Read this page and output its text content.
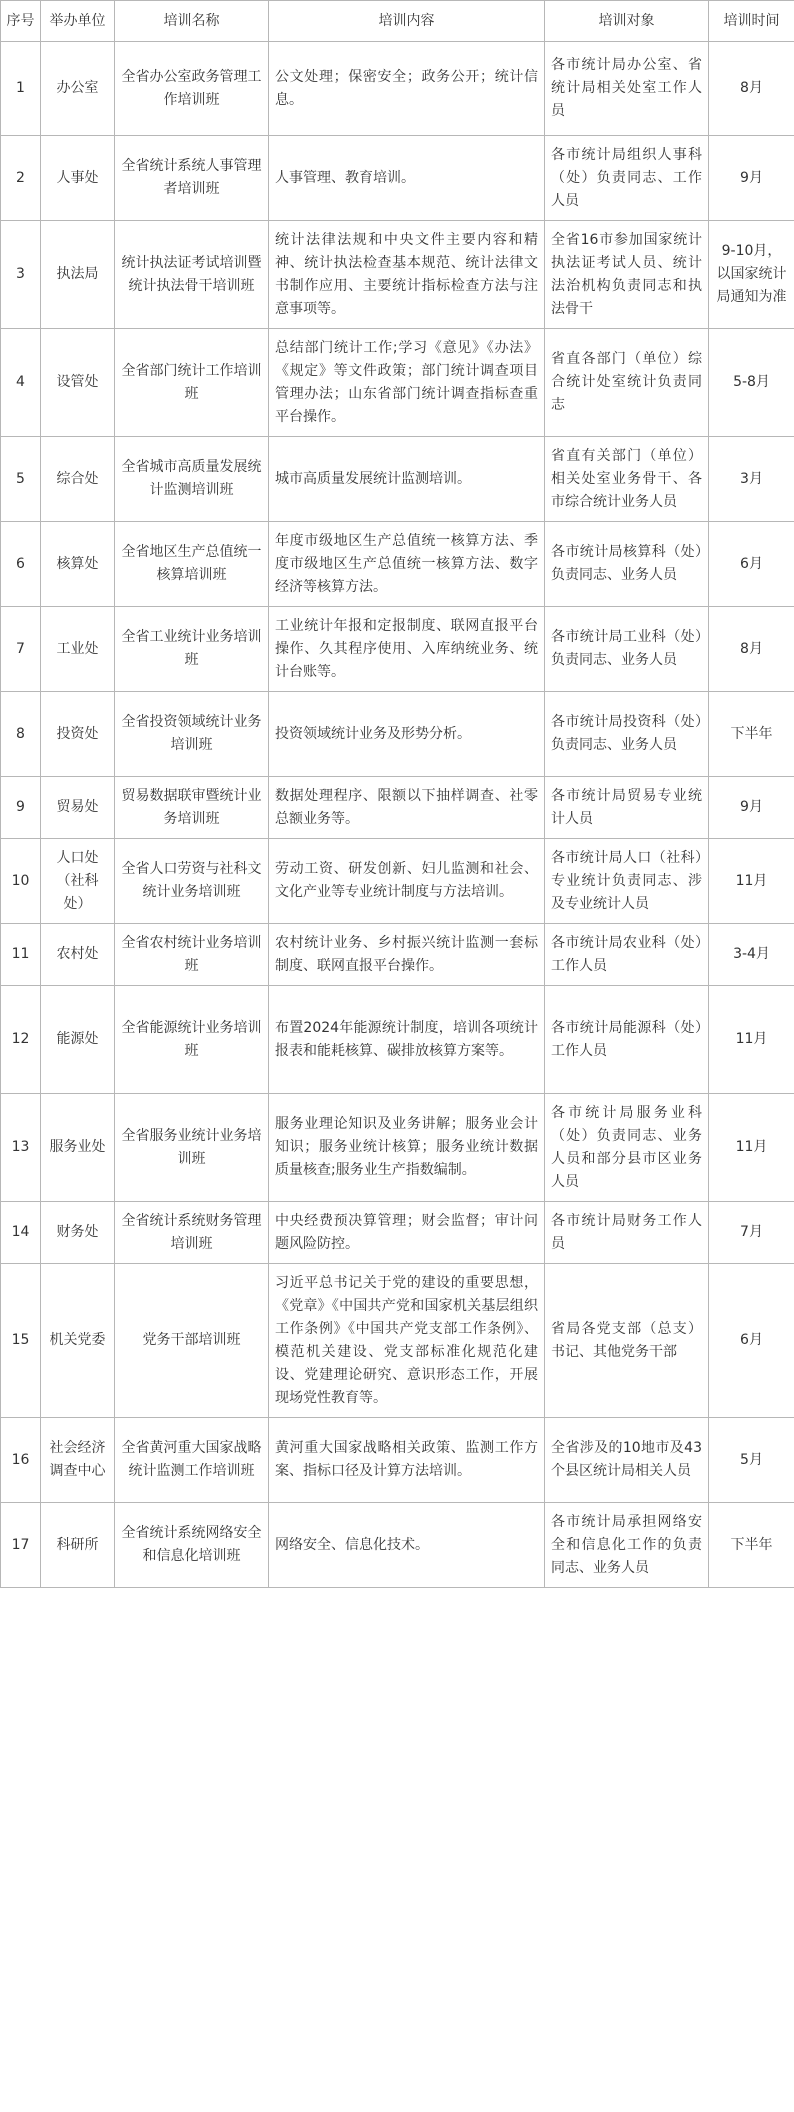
序号	举办单位	培训名称	培训内容	培训对象	培训时间
1	办公室	全省办公室政务管理工作培训班	公文处理；保密安全；政务公开；统计信息。	各市统计局办公室、省统计局相关处室工作人员	8月
2	人事处	全省统计系统人事管理者培训班	人事管理、教育培训。	各市统计局组织人事科（处）负责同志、工作人员	9月
3	执法局	统计执法证考试培训暨统计执法骨干培训班	统计法律法规和中央文件主要内容和精神、统计执法检查基本规范、统计法律文书制作应用、主要统计指标检查方法与注意事项等。	全省16市参加国家统计执法证考试人员、统计法治机构负责同志和执法骨干	9-10月，以国家统计局通知为准
4	设管处	全省部门统计工作培训班	总结部门统计工作;学习《意见》《办法》《规定》等文件政策；部门统计调查项目管理办法；山东省部门统计调查指标查重平台操作。	省直各部门（单位）综合统计处室统计负责同志	5-8月
5	综合处	全省城市高质量发展统计监测培训班	城市高质量发展统计监测培训。	省直有关部门（单位）相关处室业务骨干、各市综合统计业务人员	3月
6	核算处	全省地区生产总值统一核算培训班	年度市级地区生产总值统一核算方法、季度市级地区生产总值统一核算方法、数字经济等核算方法。	各市统计局核算科（处）负责同志、业务人员	6月
7	工业处	全省工业统计业务培训班	工业统计年报和定报制度、联网直报平台操作、久其程序使用、入库纳统业务、统计台账等。	各市统计局工业科（处）负责同志、业务人员	8月
8	投资处	全省投资领域统计业务培训班	投资领域统计业务及形势分析。	各市统计局投资科（处）负责同志、业务人员	下半年
9	贸易处	贸易数据联审暨统计业务培训班	数据处理程序、限额以下抽样调查、社零总额业务等。	各市统计局贸易专业统计人员	9月
10	人口处（社科处）	全省人口劳资与社科文统计业务培训班	劳动工资、研发创新、妇儿监测和社会、文化产业等专业统计制度与方法培训。	各市统计局人口（社科）专业统计负责同志、涉及专业统计人员	11月
11	农村处	全省农村统计业务培训班	农村统计业务、乡村振兴统计监测一套标制度、联网直报平台操作。	各市统计局农业科（处）工作人员	3-4月
12	能源处	全省能源统计业务培训班	布置2024年能源统计制度，培训各项统计报表和能耗核算、碳排放核算方案等。	各市统计局能源科（处）工作人员	11月
13	服务业处	全省服务业统计业务培训班	服务业理论知识及业务讲解；服务业会计知识；服务业统计核算；服务业统计数据质量核查;服务业生产指数编制。	各市统计局服务业科（处）负责同志、业务人员和部分县市区业务人员	11月
14	财务处	全省统计系统财务管理培训班	中央经费预决算管理；财会监督；审计问题风险防控。	各市统计局财务工作人员	7月
15	机关党委	党务干部培训班	习近平总书记关于党的建设的重要思想，《党章》《中国共产党和国家机关基层组织工作条例》《中国共产党支部工作条例》、模范机关建设、党支部标准化规范化建设、党建理论研究、意识形态工作，开展现场党性教育等。	省局各党支部（总支）书记、其他党务干部	6月
16	社会经济调查中心	全省黄河重大国家战略统计监测工作培训班	黄河重大国家战略相关政策、监测工作方案、指标口径及计算方法培训。	全省涉及的10地市及43个县区统计局相关人员	5月
17	科研所	全省统计系统网络安全和信息化培训班	网络安全、信息化技术。	各市统计局承担网络安全和信息化工作的负责同志、业务人员	下半年
